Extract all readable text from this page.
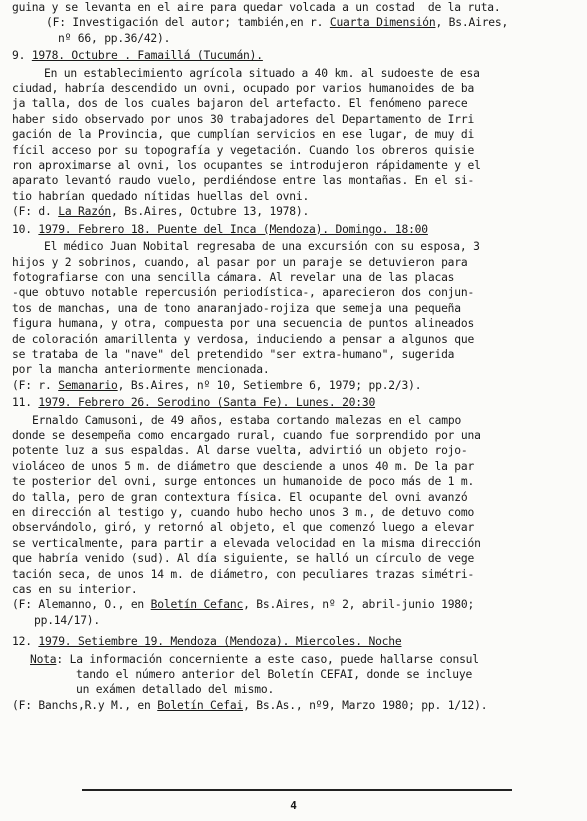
guina y se levanta en el aire para quedar volcada a un costad  de la ruta.
(F: Investigación del autor; también,en r. Cuarta Dimensión, Bs.Aires,
nº 66, pp.36/42).
9. 1978. Octubre . Famaillá (Tucumán).
En un establecimiento agrícola situado a 40 km. al sudoeste de esa
ciudad, habría descendido un ovni, ocupado por varios humanoides de ba
ja talla, dos de los cuales bajaron del artefacto. El fenómeno parece
haber sido observado por unos 30 trabajadores del Departamento de Irri
gación de la Provincia, que cumplían servicios en ese lugar, de muy di
fícil acceso por su topografía y vegetación. Cuando los obreros quisie
ron aproximarse al ovni, los ocupantes se introdujeron rápidamente y el
aparato levantó raudo vuelo, perdiéndose entre las montañas. En el si-
tio habrían quedado nítidas huellas del ovni.
(F: d. La Razón, Bs.Aires, Octubre 13, 1978).
10. 1979. Febrero 18. Puente del Inca (Mendoza). Domingo. 18:00
El médico Juan Nobital regresaba de una excursión con su esposa, 3
hijos y 2 sobrinos, cuando, al pasar por un paraje se detuvieron para
fotografiarse con una sencilla cámara. Al revelar una de las placas
-que obtuvo notable repercusión periodística-, aparecieron dos conjun-
tos de manchas, una de tono anaranjado-rojiza que semeja una pequeña
figura humana, y otra, compuesta por una secuencia de puntos alineados
de coloración amarillenta y verdosa, induciendo a pensar a algunos que
se trataba de la "nave" del pretendido "ser extra-humano", sugerida
por la mancha anteriormente mencionada.
(F: r. Semanario, Bs.Aires, nº 10, Setiembre 6, 1979; pp.2/3).
11. 1979. Febrero 26. Serodino (Santa Fe). Lunes. 20:30
Ernaldo Camusoni, de 49 años, estaba cortando malezas en el campo
donde se desempeña como encargado rural, cuando fue sorprendido por una
potente luz a sus espaldas. Al darse vuelta, advirtió un objeto rojo-
violáceo de unos 5 m. de diámetro que desciende a unos 40 m. De la par
te posterior del ovni, surge entonces un humanoide de poco más de 1 m.
do talla, pero de gran contextura física. El ocupante del ovni avanzó
en dirección al testigo y, cuando hubo hecho unos 3 m., de detuvo como
observándolo, giró, y retornó al objeto, el que comenzó luego a elevar
se verticalmente, para partir a elevada velocidad en la misma dirección
que habría venido (sud). Al día siguiente, se halló un círculo de vege
tación seca, de unos 14 m. de diámetro, con peculiares trazas simétri-
cas en su interior.
(F: Alemanno, O., en Boletín Cefanc, Bs.Aires, nº 2, abril-junio 1980;
pp.14/17).
12. 1979. Setiembre 19. Mendoza (Mendoza). Miercoles. Noche
Nota: La información concerniente a este caso, puede hallarse consul
tando el número anterior del Boletín CEFAI, donde se incluye
un exámen detallado del mismo.
(F: Banchs,R.y M., en Boletín Cefai, Bs.As., nº9, Marzo 1980; pp. 1/12).
4
